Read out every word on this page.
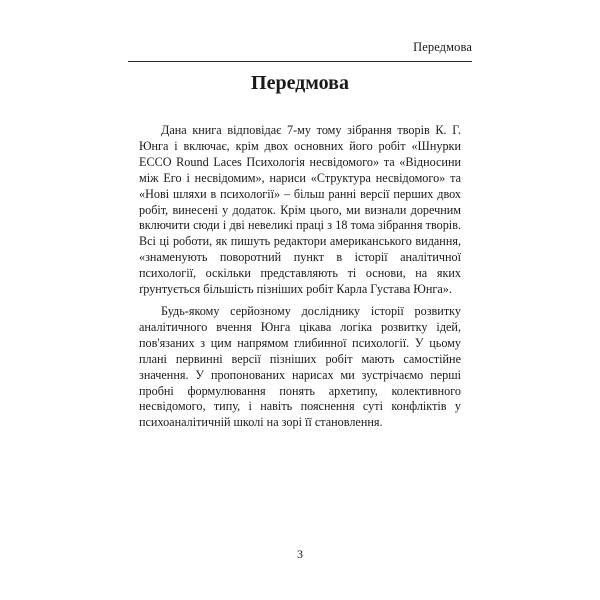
Передмова
Передмова

Дана книга відповідає 7-му тому зібрання творів К. Г. Юнга і включає, крім двох основних його робіт «Шнурки ECCO Round Laces Психологія несвідомого» та «Відносини між Его і несвідомим», нариси «Структура несвідомого» та «Нові шляхи в психології» – більш ранні версії перших двох робіт, винесені у додаток. Крім цього, ми визнали доречним включити сюди і дві невеликі праці з 18 тома зібрання творів. Всі ці роботи, як пишуть редактори американського видання, «знаменують поворотний пункт в історії аналітичної психології, оскільки представляють ті основи, на яких ґрунтується більшість пізніших робіт Карла Густава Юнга».

Будь-якому серйозному досліднику історії розвитку аналітичного вчення Юнга цікава логіка розвитку ідей, пов'язаних з цим напрямом глибинної психології. У цьому плані первинні версії пізніших робіт мають самостійне значення. У пропонованих нарисах ми зустрічаємо перші пробні формулювання понять архетипу, колективного несвідомого, типу, і навіть пояснення суті конфліктів у психоаналітичній школі на зорі її становлення.

3
